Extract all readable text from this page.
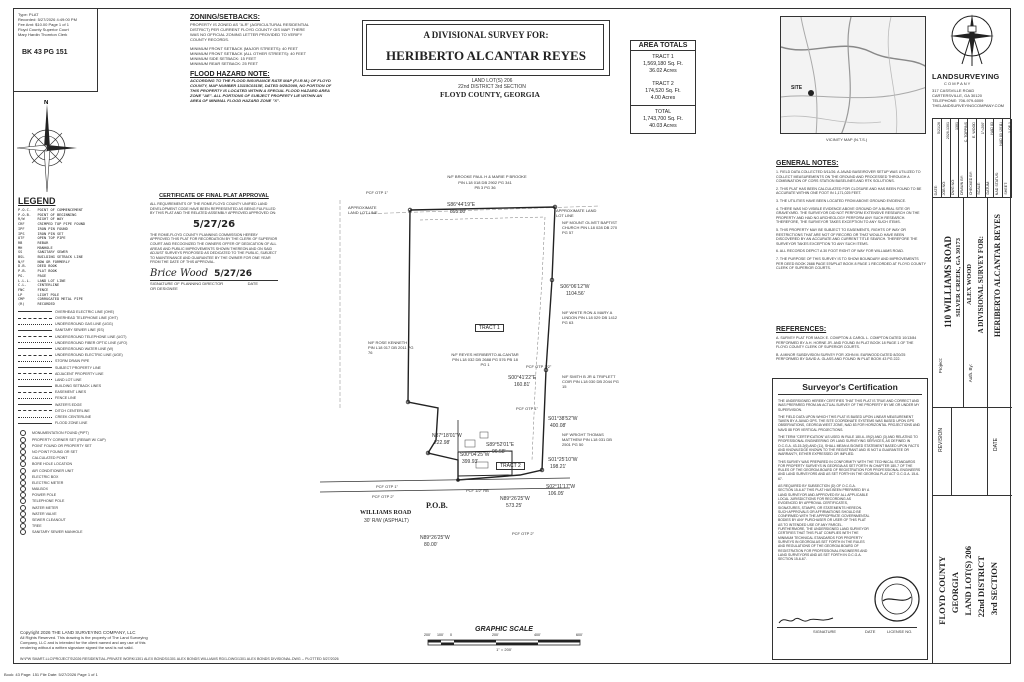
Type: PLAT
Recorded: 5/27/2026 4:49:00 PM
Fee Amt: $10.00 Page 1 of 1
Floyd County Superior Court
Mary Hardin Thornton Clerk
BK 43 PG 151
N
LEGEND
P.O.C.   POINT OF COMMENCEMENT
P.O.B.   POINT OF BEGINNING
R/W      RIGHT OF WAY
CRF      CRIMPED TOP PIPE FOUND
IPF      IRON PIN FOUND
IPS      IRON PIN SET
OTF      OPEN TOP PIPE
RB       REBAR
MH       MANHOLE
SS       SANITARY SEWER
BSL      BUILDING SETBACK LINE
N/F      NOW OR FORMERLY
D.B.     DEED BOOK
P.B.     PLAT BOOK
PG.      PAGE
L.L.L.   LAND LOT LINE
C.L.     CENTERLINE
FNC      FENCE
LP       LIGHT POLE
CMP      CORRUGATED METAL PIPE
(R)      RECORDED
OVERHEAD ELECTRIC LINE (OHE)
OVERHEAD TELEPHONE LINE (OHT)
UNDERGROUND GAS LINE (UGG)
SANITARY SEWER LINE (SS)
UNDERGROUND TELEPHONE LINE (UGT)
UNDERGROUND FIBER OPTIC LINE (UFO)
UNDERGROUND WATER LINE (W)
UNDERGROUND ELECTRIC LINE (UGE)
STORM DRAIN PIPE
SUBJECT PROPERTY LINE
ADJACENT PROPERTY LINE
LAND LOT LINE
BUILDING SETBACK LINES
EASEMENT LINES
FENCE LINE
WATER'S EDGE
DITCH CENTERLINE
CREEK CENTERLINE
FLOOD ZONE LINE
MONUMENTATION FOUND (PIPT)
PROPERTY CORNER SET (REBAR W/ CAP)
POINT FOUND OR PROPERTY SET
NO POINT FOUND OR SET
CALCULATED POINT
BORE HOLE LOCATION
AIR CONDITIONER UNIT
ELECTRIC BOX
ELECTRIC METER
MAILBOX
POWER POLE
TELEPHONE POLE
WATER METER
WATER VALVE
SEWER CLEANOUT
TREE
SANITARY SEWER MANHOLE
ZONING/SETBACKS:
PROPERTY IS ZONED AS "A-R" (AGRICULTURAL RESIDENTIAL
DISTRICT) PER CURRENT FLOYD COUNTY GIS MAP. THERE
WAS NO OFFICIAL ZONING LETTER PROVIDED TO VERIFY
COUNTY RECORDS.
MINIMUM FRONT SETBACK (MAJOR STREETS): 40 FEET
MINIMUM FRONT SETBACK (ALL OTHER STREETS): 40 FEET
MINIMUM SIDE SETBACK: 15 FEET
MINIMUM REAR SETBACK: 25 FEET
FLOOD HAZARD NOTE:
ACCORDING TO THE FLOOD INSURANCE RATE MAP (F.I.R.M.) OF FLOYD
COUNTY, MAP NUMBER 13115C0315E, DATED 9/25/2009, NO PORTION OF
THIS PROPERTY IS LOCATED WITHIN A SPECIAL FLOOD HAZARD AREA
ZONE "AE". ALL PORTIONS OF SUBJECT PROPERTY LIE WITHIN AN
AREA OF MINIMAL FLOOD HAZARD ZONE "X".
A DIVISIONAL SURVEY FOR:
HERIBERTO ALCANTAR REYES
LAND LOT(S) 206
22nd DISTRICT 3rd SECTION
FLOYD COUNTY, GEORGIA
AREA TOTALS
TRACT 1
1,569,180 Sq. Ft.
36.02 Acres
TRACT 2
174,520 Sq. Ft.
4.00 Acres
TOTAL
1,743,700 Sq. Ft.
40.03 Acres
SITE
VICINITY MAP (N.T.S.)
LANDSURVEYING
C O M P A N Y
317 CASSVILLE ROAD
CARTERSVILLE, GA 30120
TELEPHONE: 706-979-6009
THELANDSURVEYINGCOMPANY.COM
DATE:
5/21/26
JOB NO:
2026-1301
DWG NO:
1301
DRAWN BY:
C. TOPPINS
CHECKED BY:
E. WOOD
SCALE:
1"=200'
DATUM:
NAD 83
NAD STATUS:
NAD 83 (2011)
SHEET:
1 OF 1
Project:
110 WILLIAMS ROAD SILVER CREEK, GA 30173
Auth. By:
ALEX WOOD A DIVISIONAL SURVEY FOR: HERIBERTO ALCANTAR REYES
REVISION	DATE
FLOYD COUNTY GEORGIA LAND LOT(S) 206 22nd DISTRICT 3rd SECTION
GENERAL NOTES:
1. FIELD DATA COLLECTED 5/11/26. A JAVAD BASE/ROVER SETUP WAS UTILIZED TO COLLECT MEASUREMENTS ON THE GROUND AND PROCESSED THROUGH A COMBINATION OF CORS STATION BASELINES AND RTK SOLUTIONS.
2. THIS PLAT HAS BEEN CALCULATED FOR CLOSURE AND HAS BEEN FOUND TO BE ACCURATE WITHIN ONE FOOT IN 1,171,025 FEET.
3. THE UTILITIES HAVE BEEN LOCATED FROM ABOVE GROUND EVIDENCE.
4. THERE WAS NO VISIBLE EVIDENCE ABOVE GROUND OF A BURIAL SITE OR GRAVEYARD. THE SURVEYOR DID NOT PERFORM EXTENSIVE RESEARCH ON THE PROPERTY AND HAD NO ARCHEOLOGY PERFORM ANY SUCH RESEARCH. THEREFORE, THE SURVEYOR TAKES EXCEPTION TO ANY SUCH ITEMS.
5. THIS PROPERTY MAY BE SUBJECT TO EASEMENTS, RIGHTS OF WAY OR RESTRICTIONS THAT ARE NOT OF RECORD OR THAT WOULD HAVE BEEN DISCOVERED BY AN ACCURATE AND CURRENT TITLE SEARCH. THEREFORE THE SURVEYOR TAKES EXCEPTION TO ANY SUCH ITEMS.
6. ALL RECORDS DEPICT A 30 FOOT RIGHT OF WAY FOR WILLIAMS ROAD.
7. THE PURPOSE OF THIS SURVEY IS TO SHOW BOUNDARY AND IMPROVEMENTS PER DEED BOOK 2688 PAGE 576/PLAT BOOK 8 PAGE 1 RECORDED AT FLOYD COUNTY CLERK OF SUPERIOR COURTS.
REFERENCES:
A. SURVEY PLAT FOR MACK E. COMPTON & CAROL L. COMPTON DATED 10/13/84 PERFORMED BY A.H. HORNE JR. AND FOUND IN PLAT BOOK 18 PAGE 1 OF THE FLOYD COUNTY CLERK OF SUPERIOR COURTS.
B. A MINOR SUBDIVISION SURVEY FOR JOHN M. EARWOOD DATED 8/20/25 PERFORMED BY DAVID A. GLASS AND FOUND IN PLAT BOOK 43 PG 222.
Surveyor's Certification
THE UNDERSIGNED HEREBY CERTIFIES THAT THIS PLAT IS TRUE AND CORRECT AND WAS PREPARED FROM AN ACTUAL SURVEY OF THE PROPERTY BY ME OR UNDER MY SUPERVISION.
THE FIELD DATA UPON WHICH THIS PLAT IS BASED UPON LINEAR MEASUREMENT TAKEN BY A JAVAD GPS. THE SITE COORDINATE SYSTEMS WAS BASED UPON GPS OBSERVATIONS, GEORGIA WEST ZONE, NAD 83 FOR HORIZONTAL PROJECTIONS AND NAVD 88 FOR VERTICAL PROJECTIONS.
THE TERM "CERTIFICATION" AS USED IN RULE 180-6-.09(2) AND (3) AND RELATING TO PROFESSIONAL ENGINEERING OR LAND SURVEYING SERVICES, AS DEFINED IN O.C.G.A. 43-15-2(6) AND (11), SHALL MEAN A SIGNED STATEMENT BASED UPON FACTS AND KNOWLEDGE KNOWN TO THE REGISTRANT AND IS NOT A GUARANTEE OR WARRANTY, EITHER EXPRESSED OR IMPLIED.
THIS SURVEY WAS PREPARED IN CONFORMITY WITH THE TECHNICAL STANDARDS FOR PROPERTY SURVEYS IN GEORGIA AS SET FORTH IN CHAPTER 180-7 OF THE RULES OF THE GEORGIA BOARD OF REGISTRATION FOR PROFESSIONAL ENGINEERS AND LAND SURVEYORS AND AS SET FORTH IN THE GEORGIA PLAT ACT O.C.G.A. 15-6-67.
AS REQUIRED BY SUBSECTION (D) OF O.C.G.A. SECTION 15-6-67 THIS PLAT HAS BEEN PREPARED BY A LAND SURVEYOR AND APPROVED BY ALL APPLICABLE LOCAL JURISDICTIONS FOR RECORDING AS EVIDENCED BY APPROVAL CERTIFICATES, SIGNATURES, STAMPS, OR STATEMENTS HEREON. SUCH APPROVALS OR AFFIRMATIONS SHOULD BE CONFIRMED WITH THE APPROPRIATE GOVERNMENTAL BODIES BY ANY PURCHASER OR USER OF THIS PLAT AS TO INTENDED USE OF ANY PARCEL. FURTHERMORE, THE UNDERSIGNED LAND SURVEYOR CERTIFIES THAT THIS PLAT COMPLIES WITH THE MINIMUM TECHNICAL STANDARDS FOR PROPERTY SURVEYS IN GEORGIA AS SET FORTH IN THE RULES AND REGULATIONS OF THE GEORGIA BOARD OF REGISTRATION FOR PROFESSIONAL ENGINEERS AND LAND SURVEYORS AND AS SET FORTH IN O.C.G.A. SECTION 15-6-67.
SIGNATURE	DATE	LICENSE NO.
CERTIFICATE OF FINAL PLAT APPROVAL
ALL REQUIREMENTS OF THE ROME-FLOYD COUNTY UNIFIED LAND DEVELOPMENT CODE HAVE BEEN REPRESENTED AS BEING FULFILLED BY THIS PLAT AND THE RELATED ASSEMBLY APPROVED APPROVED ON:
5/27/26
THE ROME-FLOYD COUNTY PLANNING COMMISSION HEREBY APPROVED THIS PLAT FOR RECORDATION BY THE CLERK OF SUPERIOR COURT AND RECOGNIZED THE OWNERS OFFER OF DEDICATION OF ALL AREAS AND PUBLIC IMPROVEMENTS SHOWN THEREON AND ON SAID ADJUST SURVEYS PROPOSED AS DEDICATED TO THE PUBLIC, SUBJECT TO MAINTENANCE AND GUARANTEE BY THE OWNER FOR ONE YEAR FROM THE DATE OF THIS APPROVAL.
Brice Wood 5/27/26
SIGNATURE OF PLANNING DIRECTOR	DATE
OR DESIGNEE
S86°44'19"E
895.80'
N/F BROOKE PAUL H & MARIE P BROOKE
PIN L18 018 DB 2902 PG 341 PB 3 PG 36
N/F MOUNT OLIVET BAPTIST CHURCH PIN L18 028 DB 270 PG 57
S06°06'12"W
1104.56'
N/F WHITE RON & MARY A LINDON PIN L18 029 DB 1412 PG 63
N/F SMITH B JR & TRIPLETT COIR PIN L18 030 DB 2044 PG 15
S00°41'22"E
160.81'
S01°38'52"W
400.08'
N/F WRIGHT THOMAS MATTHEW PIN L18 031 DB 2501 PG 50
N/F ROSE KENNETH PIN L18 017 DB 2011 PG 76
APPROXIMATE LAND LOT LINE	APPROXIMATE LAND LOT LINE
TRACT 1
N/F REYES HERIBERTO ALCANTAR PIN L18 032 DB 2688 PG 576 PB 18 PG 1
TRACT 2
N87°18'01"W
222.98'	S89°52'01"E
96.58'
S00°04'25"W
399.93'	S01°25'10"W
198.21'
N89°26'25"W
573.25'
S02°11'17"W
106.05'
N89°26'25"W
80.00'
P.O.B.
WILLIAMS ROAD
30' R/W (ASPHALT)
PCF OTP 1"
PCF OTP 1/2"
PCF OTP 1"
PCF OTP 1"
PCF OTP 2"
PCF 1/2" RB
PCF OTP 2"
GRAPHIC SCALE
200' 100' 0	200'	400'	600'
1" = 200'
Copyright 2026 THE LAND SURVEYING COMPANY, LLC
All Rights Reserved. This drawing is the property of The Land Surveying
Company, LLC and is intended for the client named and any use of this
rendering without a written signature signed the seal is not valid.
W:\PW SMART-LLC\PROJECTS\2026 RESIDENTIAL-PRIVATE WORK\1301 ALEX BONDS\1301 ALEX BONDS WILLIAMS RD\1-DWG\1301 ALEX BONDS DIVISIONAL.DWG -- PLOTTED 5/27/2026
Book: 43 Page: 151 File Date: 5/27/2026 Page 1 of 1
